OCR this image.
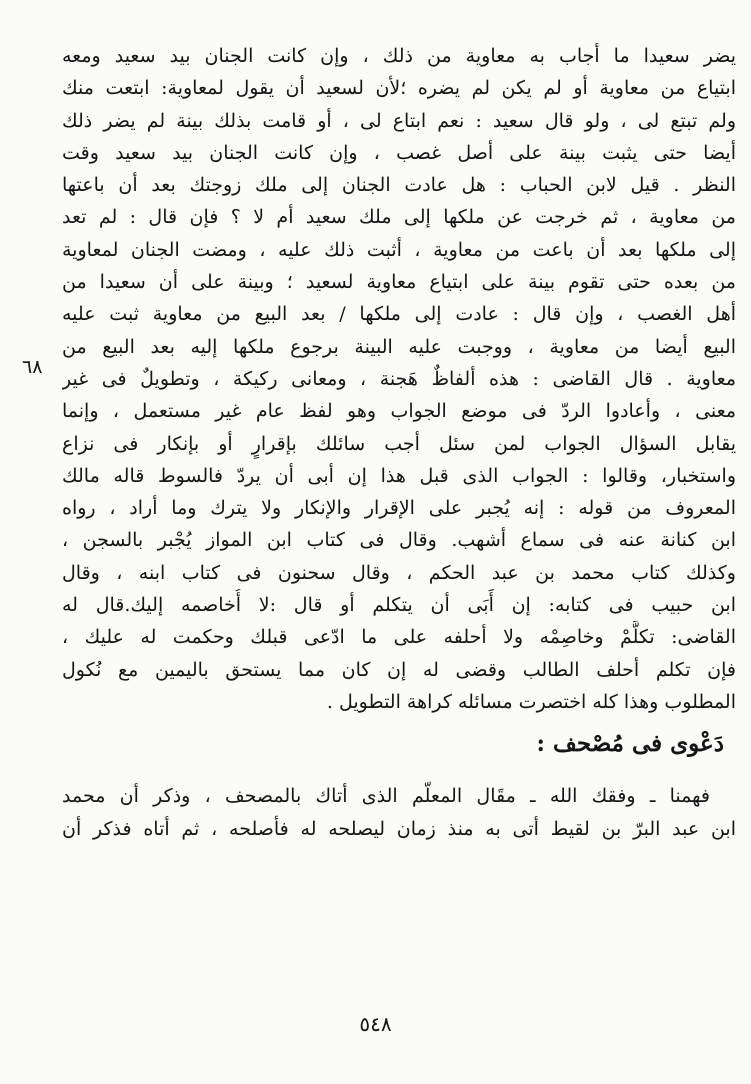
٦٨
يضر سعيدا ما أجاب به معاوية من ذلك ، وإن كانت الجنان بيد سعيد ومعه
ابتياع من معاوية أو لم يكن لم يضره ؛لأن لسعيد أن يقول لمعاوية: ابتعت منك
ولم تبتع لى ، ولو قال سعيد : نعم ابتاع لى ، أو قامت بذلك بينة لم يضر ذلك
أيضا حتى يثبت بينة على أصل غصب ، وإن كانت الجنان بيد سعيد وقت
النظر . قيل لابن الحباب : هل عادت الجنان إلى ملك زوجتك بعد أن باعتها
من معاوية ، ثم خرجت عن ملكها إلى ملك سعيد أم لا ؟ فإن قال : لم تعد
إلى ملكها بعد أن باعت من معاوية ، أثبت ذلك عليه ، ومضت الجنان لمعاوية
من بعده حتى تقوم بينة على ابتياع معاوية لسعيد ؛ وبينة على أن سعيدا من
أهل الغصب ، وإن قال : عادت إلى ملكها / بعد البيع من معاوية ثبت عليه
البيع أيضا من معاوية ، ووجبت عليه البينة برجوع ملكها إليه بعد البيع من
معاوية . قال القاضى : هذه ألفاظٌ هَجنة ، ومعانى ركيكة ، وتطويلٌ فى غير
معنى ، وأعادوا الردّ فى موضع الجواب وهو لفظ عام غير مستعمل ، وإنما
يقابل السؤال الجواب لمن سئل أجب سائلك بإقرارٍ أو بإنكار فى نزاع
واستخبار، وقالوا : الجواب الذى قبل هذا إن أبى أن يردّ فالسوط قاله مالك
المعروف من قوله : إنه يُجبر على الإقرار والإنكار ولا يترك وما أراد ، رواه
ابن كنانة عنه فى سماع أشهب. وقال فى كتاب ابن المواز يُجْبر بالسجن ،
وكذلك كتاب محمد بن عبد الحكم ، وقال سحنون فى كتاب ابنه ، وقال
ابن حبيب فى كتابه: إن أَبَى أن يتكلم أو قال :لا أُخاصمه إليك.قال له
القاضى: تكلَّمْ وخاصِمْه ولا أحلفه على ما ادّعى قبلك وحكمت له عليك ،
فإن تكلم أحلف الطالب وقضى له إن كان مما يستحق باليمين مع نُكول
المطلوب وهذا كله اختصرت مسائله كراهة التطويل .
دَعْوى فى مُصْحف :
فهمنا ـ وفقك الله ـ مقَال المعلّم الذى أتاك بالمصحف ، وذكر أن محمد
ابن عبد البرّ بن لقيط أتى به منذ زمان ليصلحه له فأصلحه ، ثم أتاه فذكر أن
٥٤٨
